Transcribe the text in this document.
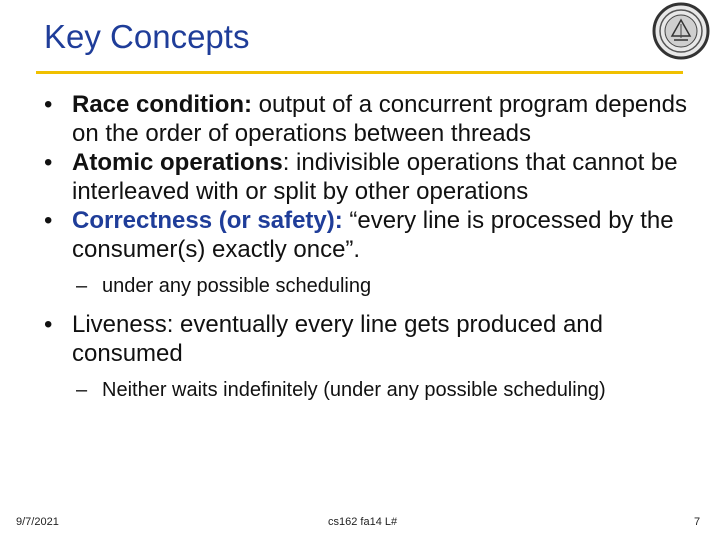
Key Concepts
• Race condition: output of a concurrent program depends on the order of operations between threads
• Atomic operations: indivisible operations that cannot be interleaved with or split by other operations
• Correctness (or safety): “every line is processed by the consumer(s) exactly once”.
– under any possible scheduling
• Liveness: eventually every line gets produced and consumed
– Neither waits indefinitely (under any possible scheduling)
9/7/2021	cs162 fa14 L#	7
